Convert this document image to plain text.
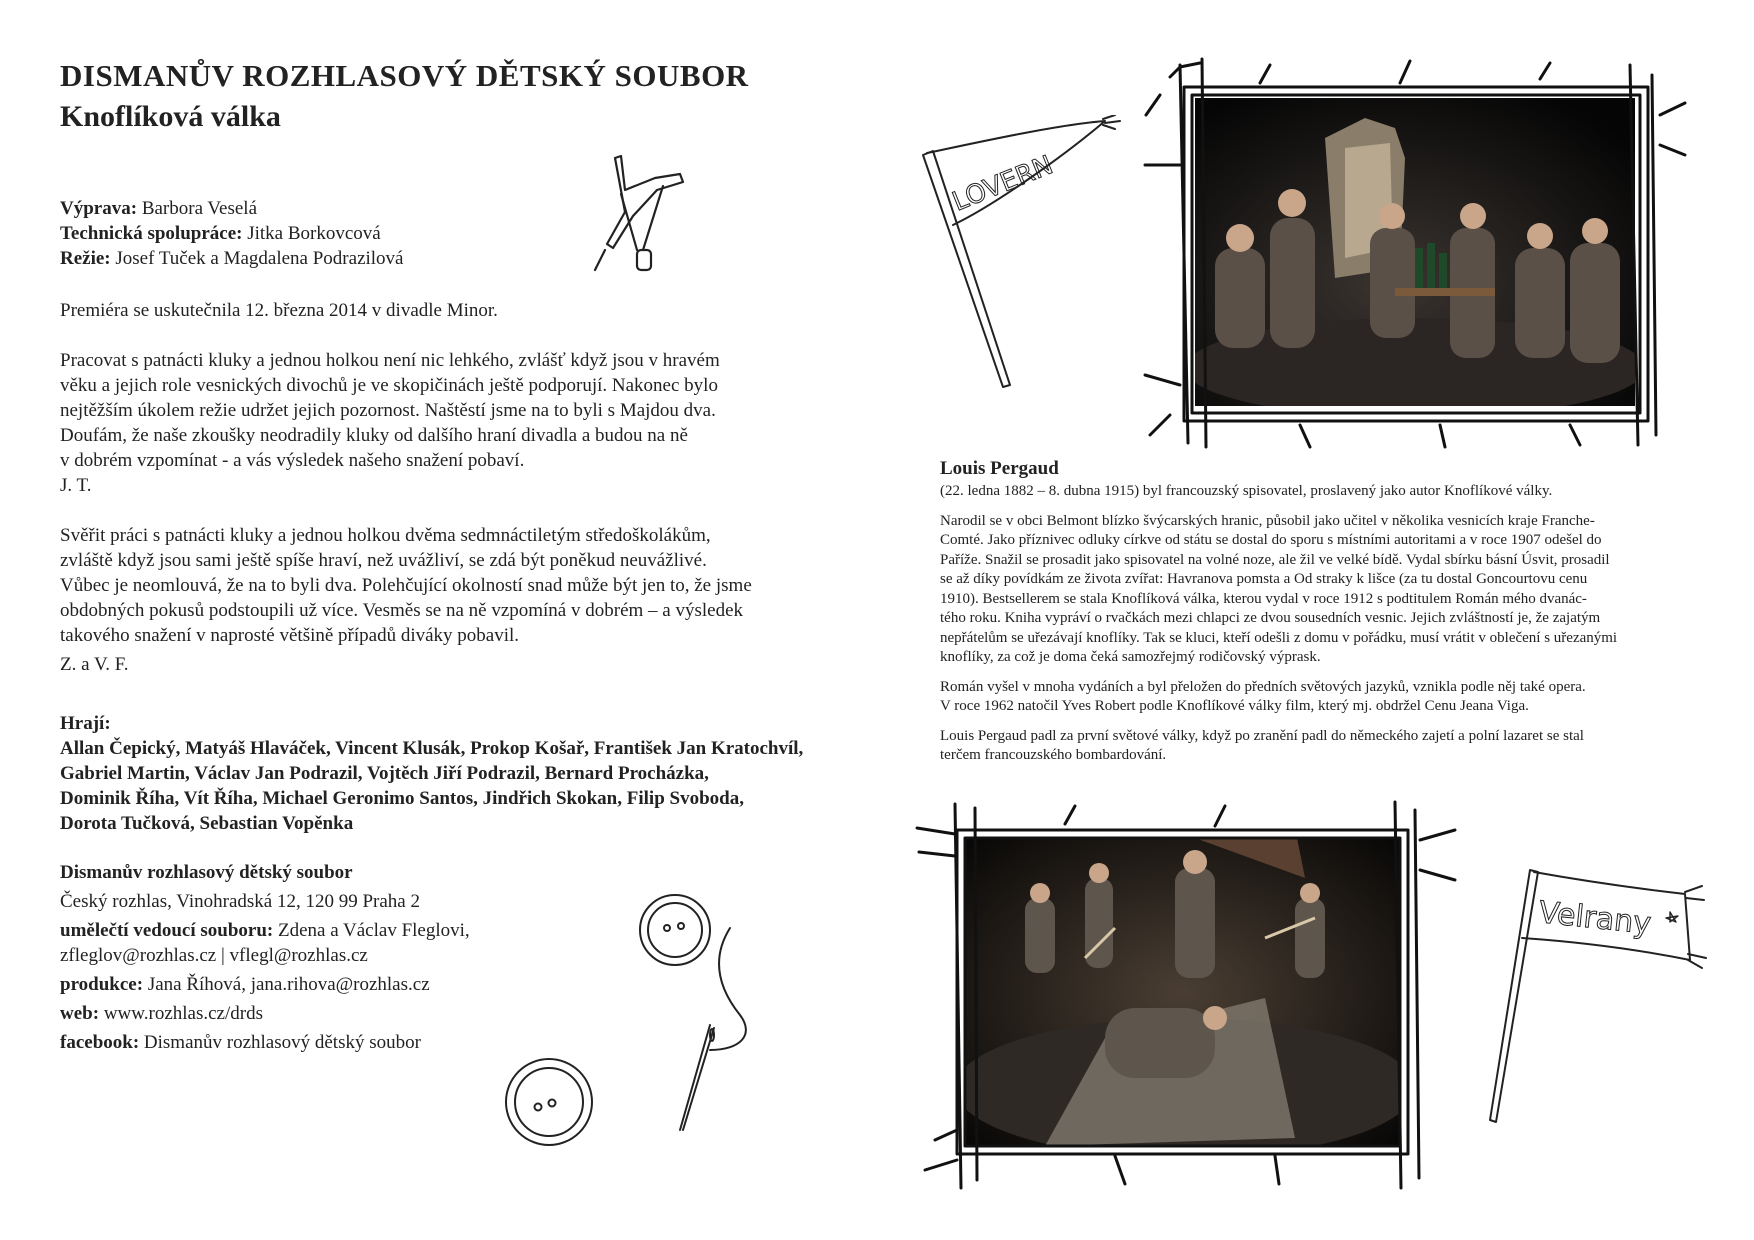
DISMANŮV ROZHLASOVÝ DĚTSKÝ SOUBOR
Knoflíková válka

Výprava: Barbora Veselá

Technická spolupráce: Jitka Borkovcová

Režie: Josef Tuček a Magdalena Podrazilová

Premiéra se uskutečnila 12. března 2014 v divadle Minor.

Pracovat s patnácti kluky a jednou holkou není nic lehkého, zvlášť když jsou v hravém

věku a jejich role vesnických divochů je ve skopičinách ještě podporují. Nakonec bylo

nejtěžším úkolem režie udržet jejich pozornost. Naštěstí jsme na to byli s Majdou dva.

Doufám, že naše zkoušky neodradily kluky od dalšího hraní divadla a budou na ně

v dobrém vzpomínat - a vás výsledek našeho snažení pobaví.

J. T.

Svěřit práci s patnácti kluky a jednou holkou dvěma sedmnáctiletým středoškolákům,

zvláště když jsou sami ještě spíše hraví, než uvážliví, se zdá být poněkud neuvážlivé.

Vůbec je neomlouvá, že na to byli dva. Polehčující okolností snad může být jen to, že jsme

obdobných pokusů podstoupili už více. Vesměs se na ně vzpomíná v dobrém – a výsledek

takového snažení v naprosté většině případů diváky pobavil.

Z. a V. F.

Hrají:

Allan Čepický, Matyáš Hlaváček, Vincent Klusák, Prokop Košař, František Jan Kratochvíl,

Gabriel Martin, Václav Jan Podrazil, Vojtěch Jiří Podrazil, Bernard Procházka,

Dominik Říha, Vít Říha, Michael Geronimo Santos, Jindřich Skokan, Filip Svoboda,

Dorota Tučková, Sebastian Vopěnka

Dismanův rozhlasový dětský soubor

Český rozhlas, Vinohradská 12, 120 99 Praha 2

umělečtí vedoucí souboru: Zdena a Václav Fleglovi,
zfleglov@rozhlas.cz | vflegl@rozhlas.cz

produkce: Jana Říhová, jana.rihova@rozhlas.cz

web: www.rozhlas.cz/drds

facebook: Dismanův rozhlasový dětský soubor

LOVERN
Velrany
Louis Pergaud

(22. ledna 1882 – 8. dubna 1915) byl francouzský spisovatel, proslavený jako autor Knoflíkové války.

Narodil se v obci Belmont blízko švýcarských hranic, působil jako učitel v několika vesnicích kraje Franche-
Comté. Jako příznivec odluky církve od státu se dostal do sporu s místními autoritami a v roce 1907 odešel do
Paříže. Snažil se prosadit jako spisovatel na volné noze, ale žil ve velké bídě. Vydal sbírku básní Úsvit, prosadil
se až díky povídkám ze života zvířat: Havranova pomsta a Od straky k lišce (za tu dostal Goncourtovu cenu
1910). Bestsellerem se stala Knoflíková válka, kterou vydal v roce 1912 s podtitulem Román mého dvanác-
tého roku. Kniha vypráví o rvačkách mezi chlapci ze dvou sousedních vesnic. Jejich zvláštností je, že zajatým
nepřátelům se uřezávají knoflíky. Tak se kluci, kteří odešli z domu v pořádku, musí vrátit v oblečení s uřezanými
knoflíky, za což je doma čeká samozřejmý rodičovský výprask.

Román vyšel v mnoha vydáních a byl přeložen do předních světových jazyků, vznikla podle něj také opera.
V roce 1962 natočil Yves Robert podle Knoflíkové války film, který mj. obdržel Cenu Jeana Viga.

Louis Pergaud padl za první světové války, když po zranění padl do německého zajetí a polní lazaret se stal
terčem francouzského bombardování.
